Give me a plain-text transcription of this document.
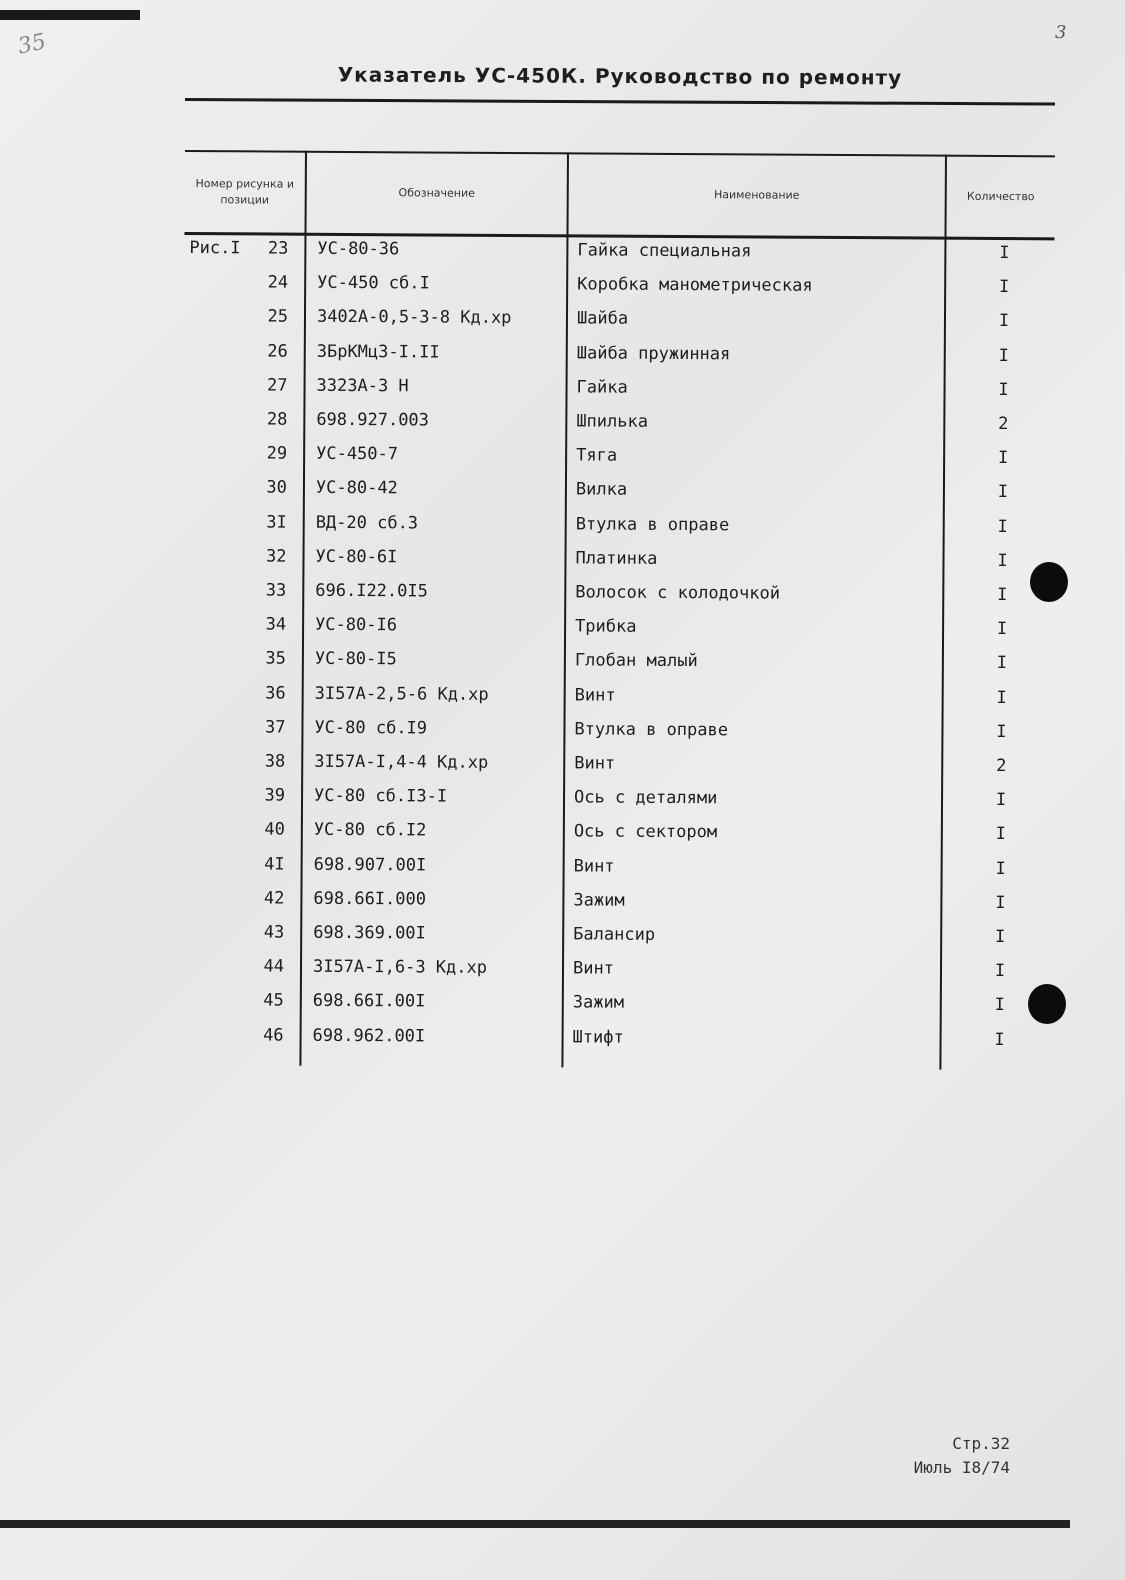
35	3
Указатель УС-450К. Руководство по ремонту
Номер рисунка и позиции
Обозначение	Наименование	Количество
Рис.I	23 УС-80-36	Гайка специальная	I
24 УС-450 сб.I	Коробка манометрическая	I
25 3402А-0,5-3-8 Кд.хр	Шайба	I
26 3БрКМц3-I.II	Шайба пружинная	I
27 3323А-3 Н	Гайка	I
28 698.927.003	Шпилька	2
29 УС-450-7	Тяга	I
30 УС-80-42	Вилка	I
3I ВД-20 сб.3	Втулка в оправе	I
32 УС-80-6I	Платинка	I
33 696.I22.0I5	Волосок с колодочкой	I
34 УС-80-I6	Трибка	I
35 УС-80-I5	Глобан малый	I
36 3I57А-2,5-6 Кд.хр	Винт	I
37 УС-80 сб.I9	Втулка в оправе	I
38 3I57А-I,4-4 Кд.хр	Винт	2
39 УС-80 сб.I3-I	Ось с деталями	I
40 УС-80 сб.I2	Ось с сектором	I
4I 698.907.00I	Винт	I
42 698.66I.000	Зажим	I
43 698.369.00I	Балансир	I
44 3I57А-I,6-3 Кд.хр	Винт	I
45 698.66I.00I	Зажим	I
46 698.962.00I	Штифт	I
Стр.32
Июль I8/74
